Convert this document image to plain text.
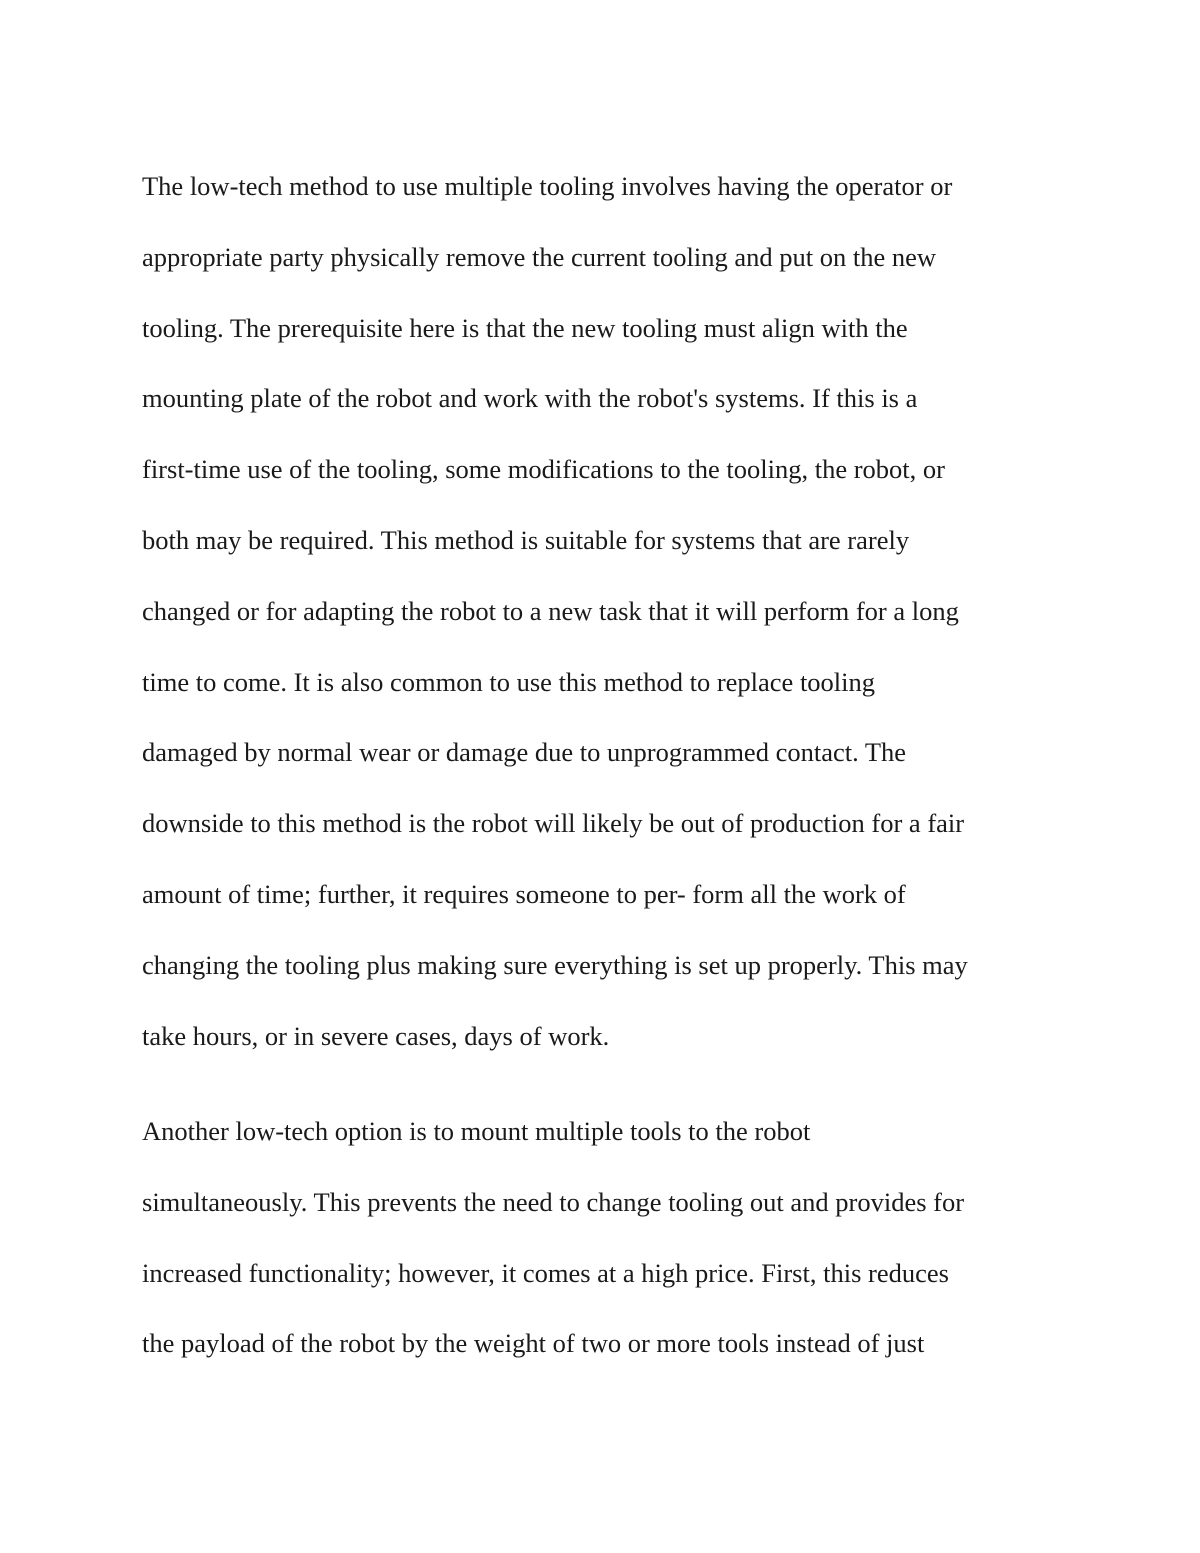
The low-tech method to use multiple tooling involves having the operator or
appropriate party physically remove the current tooling and put on the new
tooling. The prerequisite here is that the new tooling must align with the
mounting plate of the robot and work with the robot's systems. If this is a
first-time use of the tooling, some modifications to the tooling, the robot, or
both may be required. This method is suitable for systems that are rarely
changed or for adapting the robot to a new task that it will perform for a long
time to come. It is also common to use this method to replace tooling
damaged by normal wear or damage due to unprogrammed contact. The
downside to this method is the robot will likely be out of production for a fair
amount of time; further, it requires someone to per- form all the work of
changing the tooling plus making sure everything is set up properly. This may
take hours, or in severe cases, days of work.

Another low-tech option is to mount multiple tools to the robot
simultaneously. This prevents the need to change tooling out and provides for
increased functionality; however, it comes at a high price. First, this reduces
the payload of the robot by the weight of two or more tools instead of just
